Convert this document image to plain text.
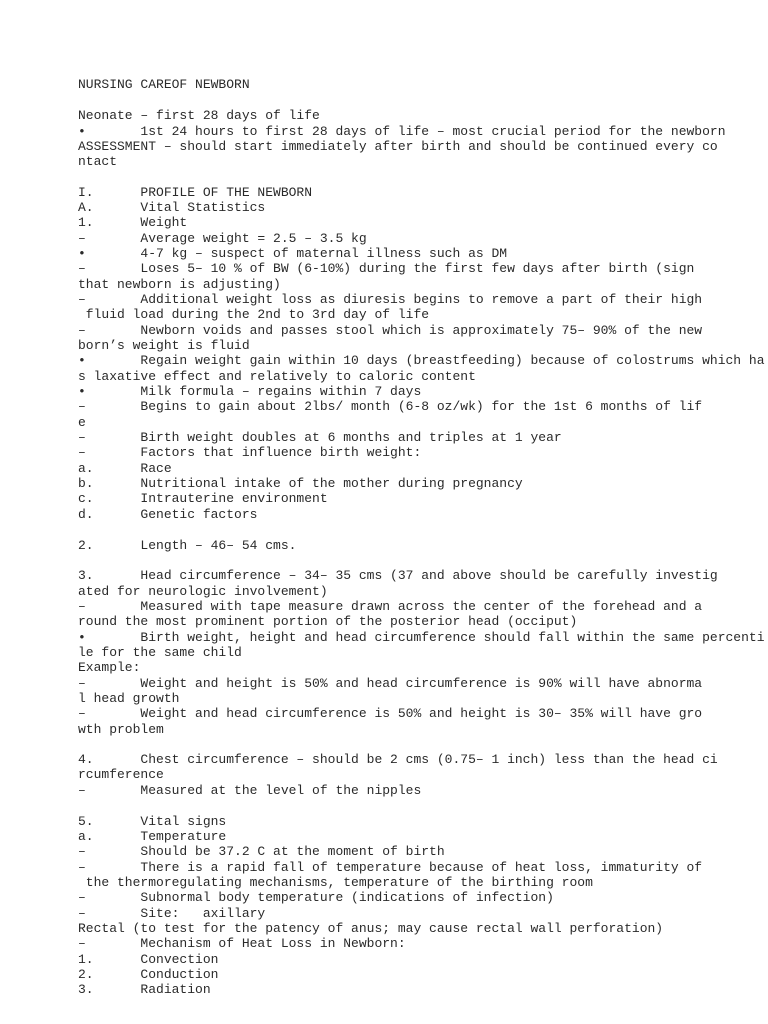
NURSING CAREOF NEWBORN
Neonate – first 28 days of life
•       1st 24 hours to first 28 days of life – most crucial period for the newborn
ASSESSMENT – should start immediately after birth and should be continued every co
ntact
I.      PROFILE OF THE NEWBORN
A.      Vital Statistics
1.      Weight
–       Average weight = 2.5 – 3.5 kg
•       4-7 kg – suspect of maternal illness such as DM
–       Loses 5– 10 % of BW (6-10%) during the first few days after birth (sign
that newborn is adjusting)
–       Additional weight loss as diuresis begins to remove a part of their high
fluid load during the 2nd to 3rd day of life
–       Newborn voids and passes stool which is approximately 75– 90% of the new
born’s weight is fluid
•       Regain weight gain within 10 days (breastfeeding) because of colostrums which ha
s laxative effect and relatively to caloric content
•       Milk formula – regains within 7 days
–       Begins to gain about 2lbs/ month (6-8 oz/wk) for the 1st 6 months of lif
e
–       Birth weight doubles at 6 months and triples at 1 year
–       Factors that influence birth weight:
a.      Race
b.      Nutritional intake of the mother during pregnancy
c.      Intrauterine environment
d.      Genetic factors
2.      Length – 46– 54 cms.
3.      Head circumference – 34– 35 cms (37 and above should be carefully investig
ated for neurologic involvement)
–       Measured with tape measure drawn across the center of the forehead and a
round the most prominent portion of the posterior head (occiput)
•       Birth weight, height and head circumference should fall within the same percenti
le for the same child
Example:
–       Weight and height is 50% and head circumference is 90% will have abnorma
l head growth
–       Weight and head circumference is 50% and height is 30– 35% will have gro
wth problem
4.      Chest circumference – should be 2 cms (0.75– 1 inch) less than the head ci
rcumference
–       Measured at the level of the nipples
5.      Vital signs
a.      Temperature
–       Should be 37.2 C at the moment of birth
–       There is a rapid fall of temperature because of heat loss, immaturity of
the thermoregulating mechanisms, temperature of the birthing room
–       Subnormal body temperature (indications of infection)
–       Site:   axillary
Rectal (to test for the patency of anus; may cause rectal wall perforation)
–       Mechanism of Heat Loss in Newborn:
1.      Convection
2.      Conduction
3.      Radiation
